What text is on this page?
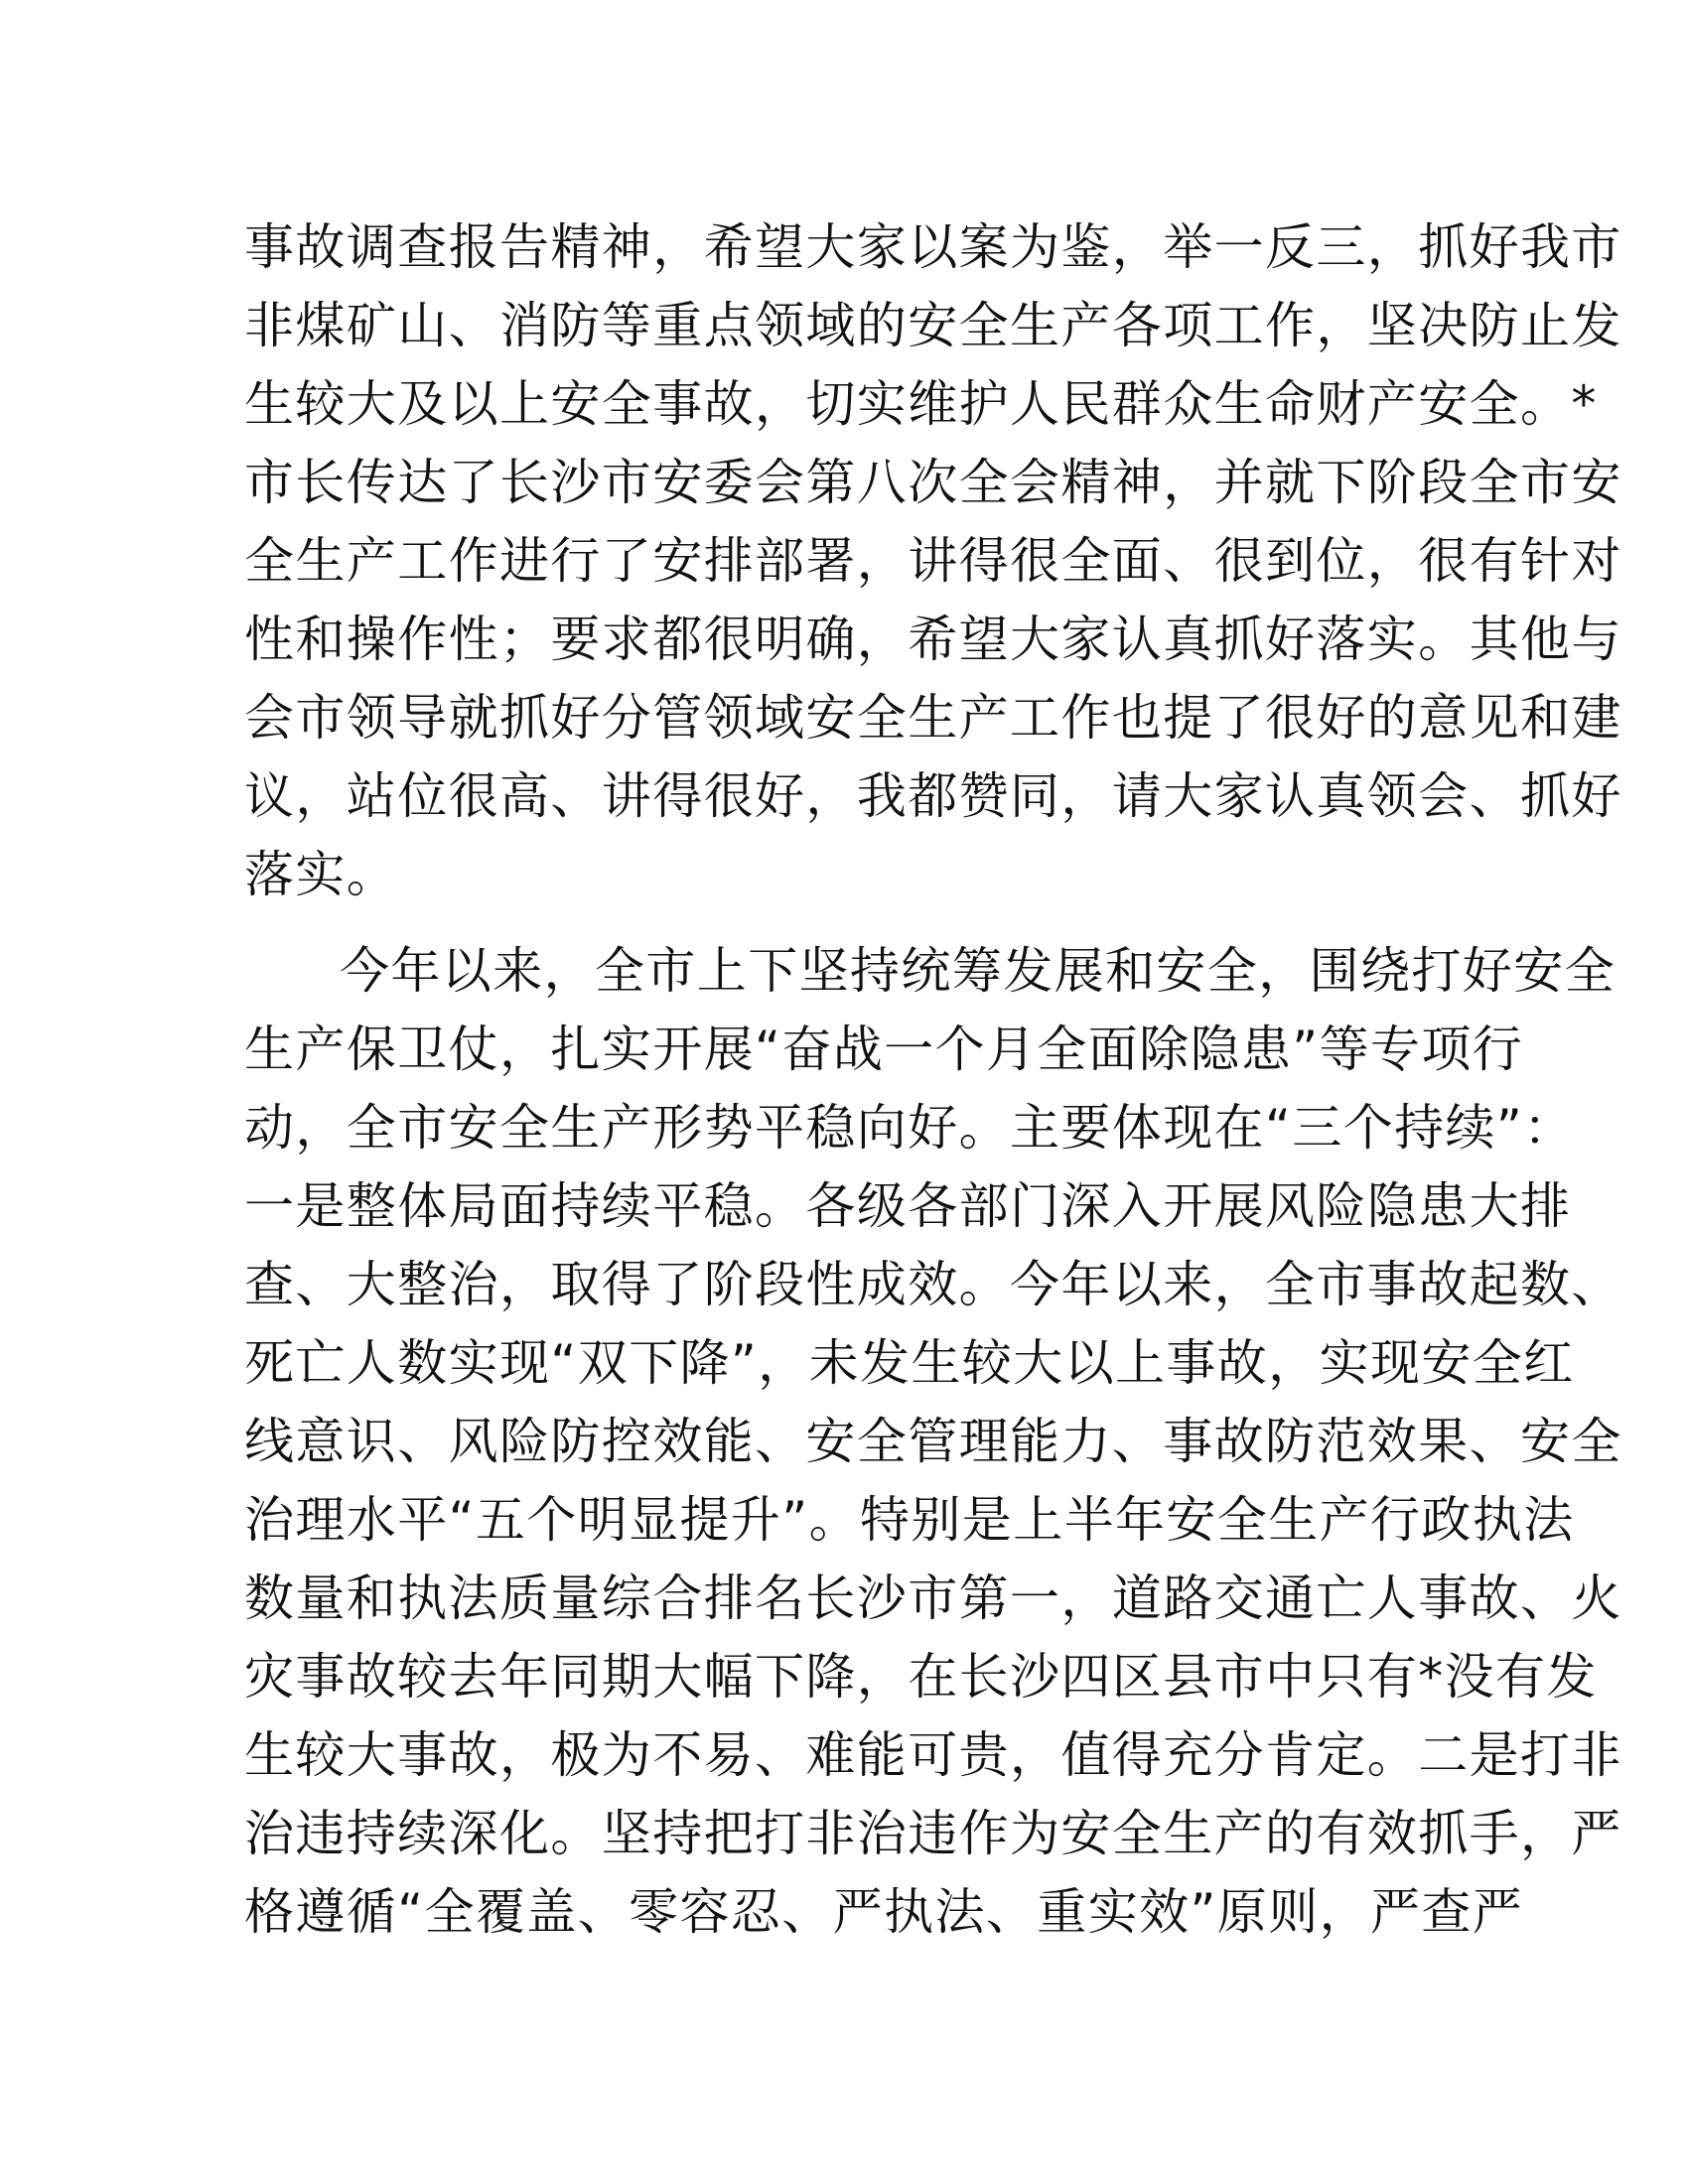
事故调查报告精神，希望大家以案为鉴，举一反三，抓好我市
非煤矿山、消防等重点领域的安全生产各项工作，坚决防止发
生较大及以上安全事故，切实维护人民群众生命财产安全。*
市长传达了长沙市安委会第八次全会精神，并就下阶段全市安
全生产工作进行了安排部署，讲得很全面、很到位，很有针对
性和操作性；要求都很明确，希望大家认真抓好落实。其他与
会市领导就抓好分管领域安全生产工作也提了很好的意见和建
议，站位很高、讲得很好，我都赞同，请大家认真领会、抓好
落实。
今年以来，全市上下坚持统筹发展和安全，围绕打好安全
生产保卫仗，扎实开展“奋战一个月全面除隐患”等专项行
动，全市安全生产形势平稳向好。主要体现在“三个持续”：
一是整体局面持续平稳。各级各部门深入开展风险隐患大排
查、大整治，取得了阶段性成效。今年以来，全市事故起数、
死亡人数实现“双下降”，未发生较大以上事故，实现安全红
线意识、风险防控效能、安全管理能力、事故防范效果、安全
治理水平“五个明显提升”。特别是上半年安全生产行政执法
数量和执法质量综合排名长沙市第一，道路交通亡人事故、火
灾事故较去年同期大幅下降，在长沙四区县市中只有*没有发
生较大事故，极为不易、难能可贵，值得充分肯定。二是打非
治违持续深化。坚持把打非治违作为安全生产的有效抓手，严
格遵循“全覆盖、零容忍、严执法、重实效”原则，严查严
